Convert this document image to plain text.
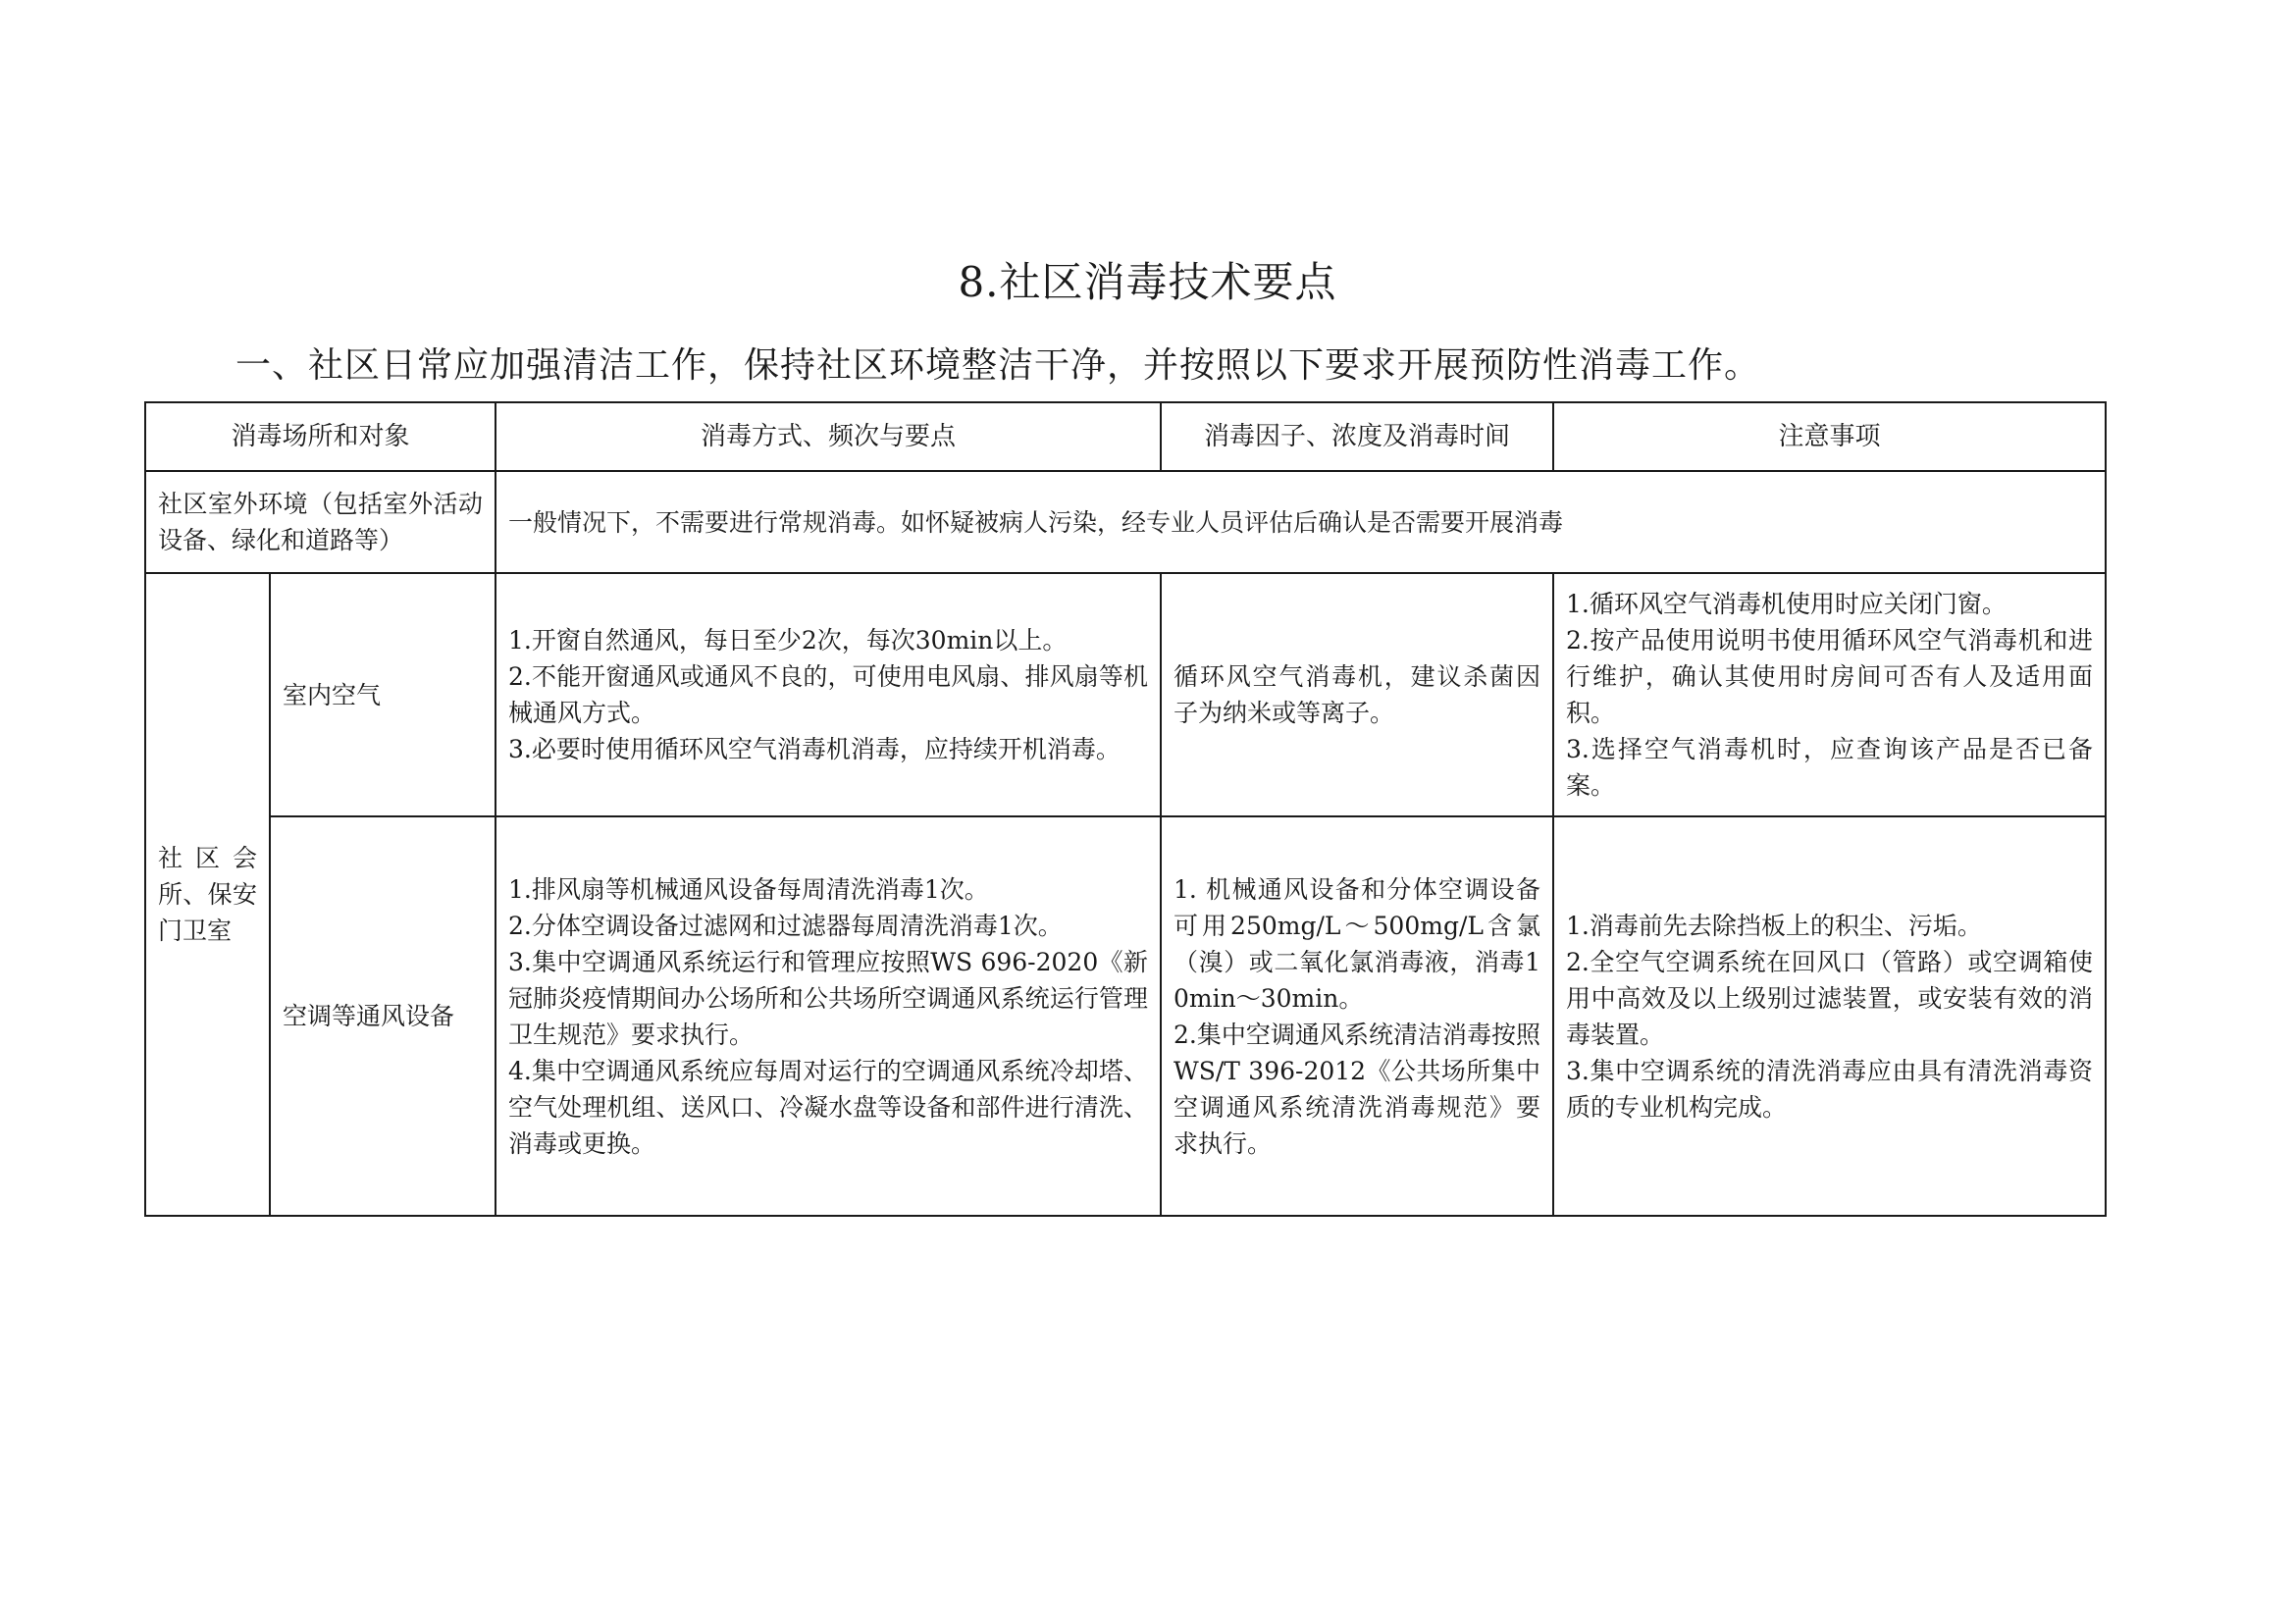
8.社区消毒技术要点
一、社区日常应加强清洁工作，保持社区环境整洁干净，并按照以下要求开展预防性消毒工作。
消毒场所和对象		消毒方式、频次与要点	消毒因子、浓度及消毒时间	注意事项
社区室外环境（包括室外活动设备、绿化和道路等）		一般情况下，不需要进行常规消毒。如怀疑被病人污染，经专业人员评估后确认是否需要开展消毒		
社区会所、保安门卫室	室内空气	1.开窗自然通风，每日至少2次，每次30min以上。
2.不能开窗通风或通风不良的，可使用电风扇、排风扇等机械通风方式。
3.必要时使用循环风空气消毒机消毒，应持续开机消毒。	循环风空气消毒机，建议杀菌因子为纳米或等离子。	1.循环风空气消毒机使用时应关闭门窗。
2.按产品使用说明书使用循环风空气消毒机和进行维护，确认其使用时房间可否有人及适用面积。
3.选择空气消毒机时，应查询该产品是否已备案。

	空调等通风设备	1.排风扇等机械通风设备每周清洗消毒1次。
2.分体空调设备过滤网和过滤器每周清洗消毒1次。
3.集中空调通风系统运行和管理应按照WS 696-2020《新冠肺炎疫情期间办公场所和公共场所空调通风系统运行管理卫生规范》要求执行。
4.集中空调通风系统应每周对运行的空调通风系统冷却塔、空气处理机组、送风口、冷凝水盘等设备和部件进行清洗、消毒或更换。	1. 机械通风设备和分体空调设备可用250mg/L～500mg/L含氯（溴）或二氧化氯消毒液，消毒10min～30min。
2.集中空调通风系统清洁消毒按照WS/T 396-2012《公共场所集中空调通风系统清洗消毒规范》要求执行。	1.消毒前先去除挡板上的积尘、污垢。
2.全空气空调系统在回风口（管路）或空调箱使用中高效及以上级别过滤装置，或安装有效的消毒装置。
3.集中空调系统的清洗消毒应由具有清洗消毒资质的专业机构完成。
